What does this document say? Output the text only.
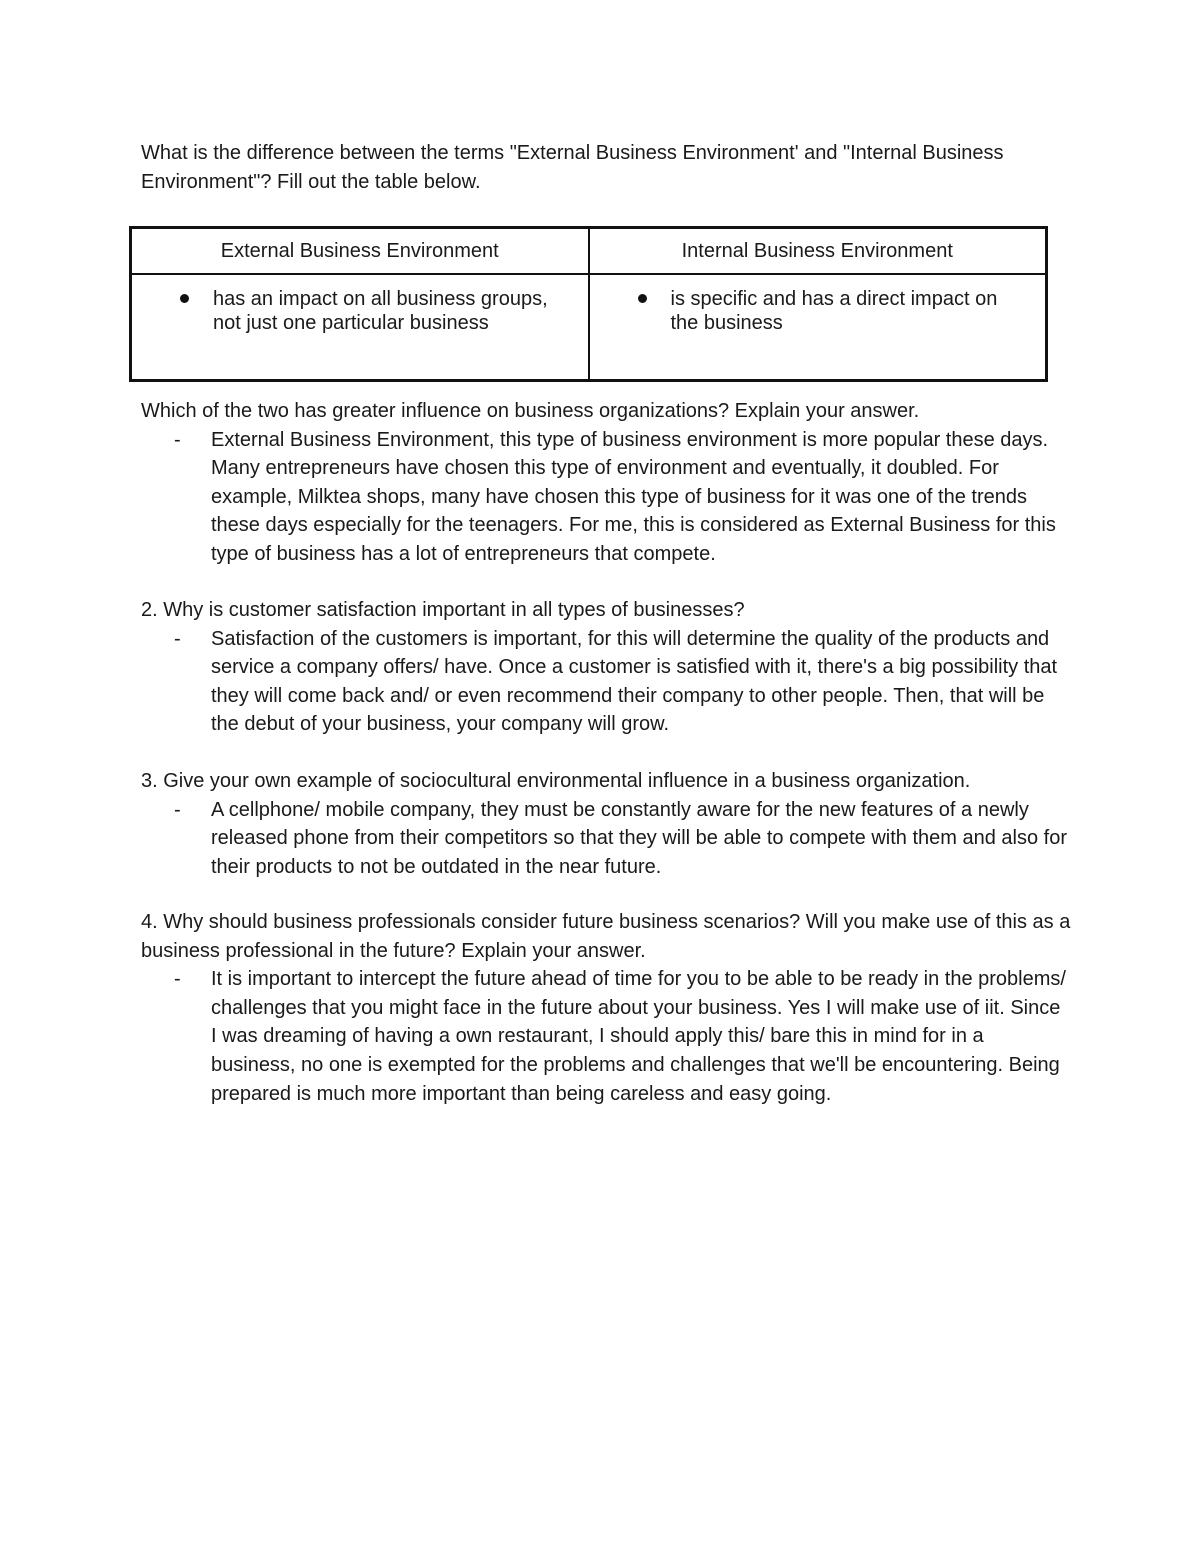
What is the difference between the terms "External Business Environment' and "Internal Business Environment"? Fill out the table below.

External Business Environment	Internal Business Environment

has an impact on all business groups, not just one particular business	is specific and has a direct impact on the business

Which of the two has greater influence on business organizations? Explain your answer.

- External Business Environment, this type of business environment is more popular these days. Many entrepreneurs have chosen this type of environment and eventually, it doubled. For example, Milktea shops, many have chosen this type of business for it was one of the trends these days especially for the teenagers. For me, this is considered as External Business for this type of business has a lot of entrepreneurs that compete.

2. Why is customer satisfaction important in all types of businesses?

- Satisfaction of the customers is important, for this will determine the quality of the products and service a company offers/ have. Once a customer is satisfied with it, there's a big possibility that they will come back and/ or even recommend their company to other people. Then, that will be the debut of your business, your company will grow.

3. Give your own example of sociocultural environmental influence in a business organization.

- A cellphone/ mobile company, they must be constantly aware for the new features of a newly released phone from their competitors so that they will be able to compete with them and also for their products to not be outdated in the near future.

4. Why should business professionals consider future business scenarios? Will you make use of this as a business professional in the future? Explain your answer.

- It is important to intercept the future ahead of time for you to be able to be ready in the problems/ challenges that you might face in the future about your business. Yes I will make use of iit. Since I was dreaming of having a own restaurant, I should apply this/ bare this in mind for in a business, no one is exempted for the problems and challenges that we'll be encountering. Being prepared is much more important than being careless and easy going.
